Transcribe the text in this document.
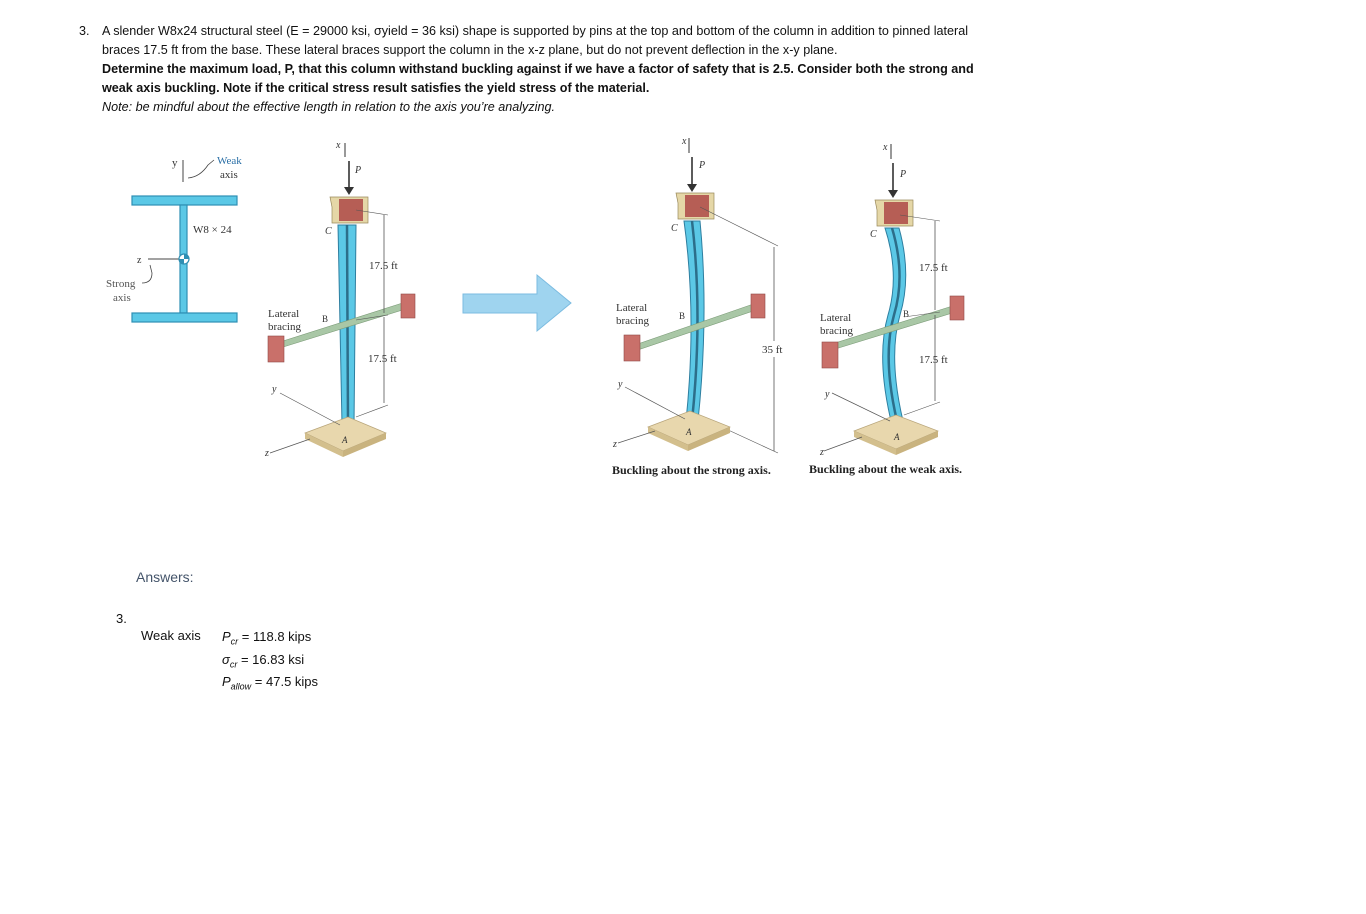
3. A slender W8x24 structural steel (E = 29000 ksi, σyield = 36 ksi) shape is supported by pins at the top and bottom of the column in addition to pinned lateral braces 17.5 ft from the base. These lateral braces support the column in the x-z plane, but do not prevent deflection in the x-y plane.
Determine the maximum load, P, that this column withstand buckling against if we have a factor of safety that is 2.5. Consider both the strong and weak axis buckling. Note if the critical stress result satisfies the yield stress of the material.
Note: be mindful about the effective length in relation to the axis you’re analyzing.
y	Weak
axis
W8 × 24
z
Strong
axis
x
P
C
Lateral
bracing
B
17.5 ft
17.5 ft
A
y
z
x
P
C
Lateral
bracing	B
35 ft
A
y
z
Buckling about the strong axis.
x
P
C
Lateral
bracing
B
17.5 ft
17.5 ft
A
y
z
Buckling about the weak axis.
Answers:
3.
Weak axis $P_{cr} = 118.8$ kips
$\sigma_{cr} = 16.83$ ksi
$P_{allow} = 47.5$ kips
